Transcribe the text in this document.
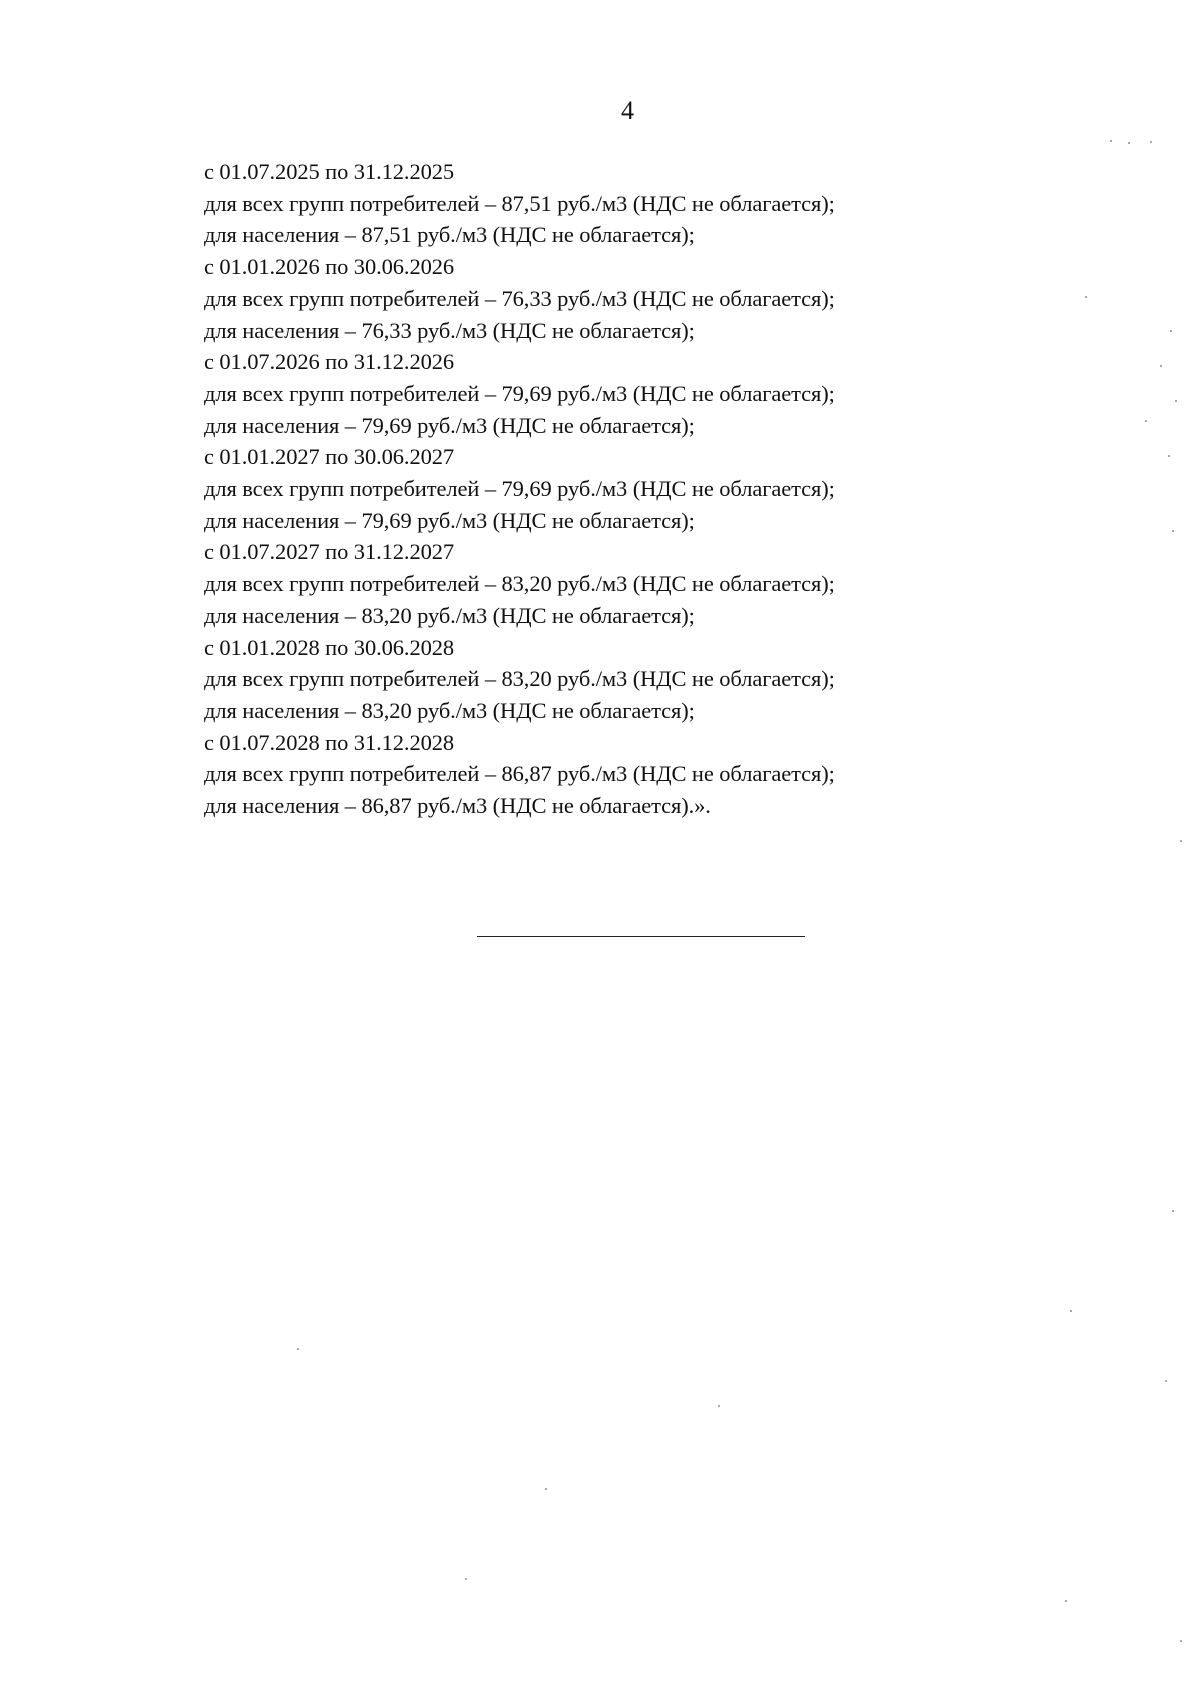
4
с 01.07.2025 по 31.12.2025
для всех групп потребителей – 87,51 руб./м3 (НДС не облагается);
для населения – 87,51 руб./м3 (НДС не облагается);
с 01.01.2026 по 30.06.2026
для всех групп потребителей – 76,33 руб./м3 (НДС не облагается);
для населения – 76,33 руб./м3 (НДС не облагается);
с 01.07.2026 по 31.12.2026
для всех групп потребителей – 79,69 руб./м3 (НДС не облагается);
для населения – 79,69 руб./м3 (НДС не облагается);
с 01.01.2027 по 30.06.2027
для всех групп потребителей – 79,69 руб./м3 (НДС не облагается);
для населения – 79,69 руб./м3 (НДС не облагается);
с 01.07.2027 по 31.12.2027
для всех групп потребителей – 83,20 руб./м3 (НДС не облагается);
для населения – 83,20 руб./м3 (НДС не облагается);
с 01.01.2028 по 30.06.2028
для всех групп потребителей – 83,20 руб./м3 (НДС не облагается);
для населения – 83,20 руб./м3 (НДС не облагается);
с 01.07.2028 по 31.12.2028
для всех групп потребителей – 86,87 руб./м3 (НДС не облагается);
для населения – 86,87 руб./м3 (НДС не облагается).».
